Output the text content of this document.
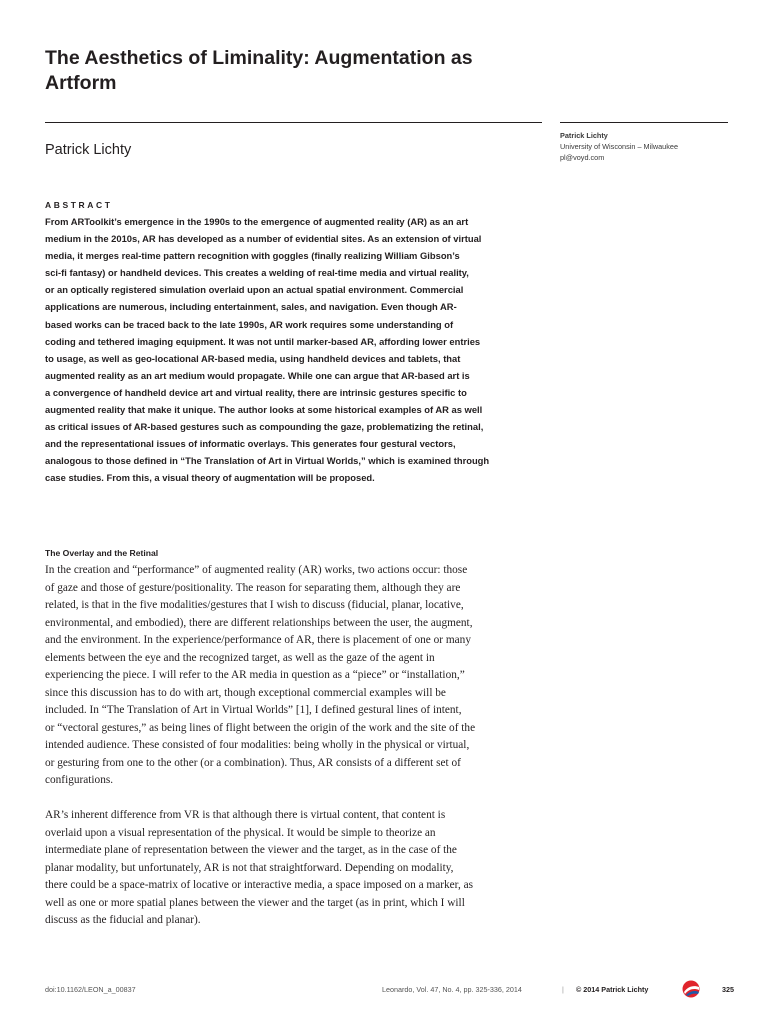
The Aesthetics of Liminality: Augmentation as Artform
Patrick Lichty
Patrick Lichty
University of Wisconsin – Milwaukee
pl@voyd.com
ABSTRACT
From ARToolkit’s emergence in the 1990s to the emergence of augmented reality (AR) as an art
medium in the 2010s, AR has developed as a number of evidential sites. As an extension of virtual
media, it merges real-time pattern recognition with goggles (finally realizing William Gibson’s
sci-fi fantasy) or handheld devices. This creates a welding of real-time media and virtual reality,
or an optically registered simulation overlaid upon an actual spatial environment. Commercial
applications are numerous, including entertainment, sales, and navigation. Even though AR-
based works can be traced back to the late 1990s, AR work requires some understanding of
coding and tethered imaging equipment. It was not until marker-based AR, affording lower entries
to usage, as well as geo-locational AR-based media, using handheld devices and tablets, that
augmented reality as an art medium would propagate. While one can argue that AR-based art is
a convergence of handheld device art and virtual reality, there are intrinsic gestures specific to
augmented reality that make it unique. The author looks at some historical examples of AR as well
as critical issues of AR-based gestures such as compounding the gaze, problematizing the retinal,
and the representational issues of informatic overlays. This generates four gestural vectors,
analogous to those defined in “The Translation of Art in Virtual Worlds,” which is examined through
case studies. From this, a visual theory of augmentation will be proposed.
The Overlay and the Retinal
In the creation and “performance” of augmented reality (AR) works, two actions occur: those
of gaze and those of gesture/positionality. The reason for separating them, although they are
related, is that in the five modalities/gestures that I wish to discuss (fiducial, planar, locative,
environmental, and embodied), there are different relationships between the user, the augment,
and the environment. In the experience/performance of AR, there is placement of one or many
elements between the eye and the recognized target, as well as the gaze of the agent in
experiencing the piece. I will refer to the AR media in question as a “piece” or “installation,”
since this discussion has to do with art, though exceptional commercial examples will be
included. In “The Translation of Art in Virtual Worlds” [1], I defined gestural lines of intent,
or “vectoral gestures,” as being lines of flight between the origin of the work and the site of the
intended audience. These consisted of four modalities: being wholly in the physical or virtual,
or gesturing from one to the other (or a combination). Thus, AR consists of a different set of
configurations.
AR’s inherent difference from VR is that although there is virtual content, that content is
overlaid upon a visual representation of the physical. It would be simple to theorize an
intermediate plane of representation between the viewer and the target, as in the case of the
planar modality, but unfortunately, AR is not that straightforward. Depending on modality,
there could be a space-matrix of locative or interactive media, a space imposed on a marker, as
well as one or more spatial planes between the viewer and the target (as in print, which I will
discuss as the fiducial and planar).
doi:10.1162/LEON_a_00837	Leonardo, Vol. 47, No. 4, pp. 325-336, 2014	| © 2014 Patrick Lichty	325
